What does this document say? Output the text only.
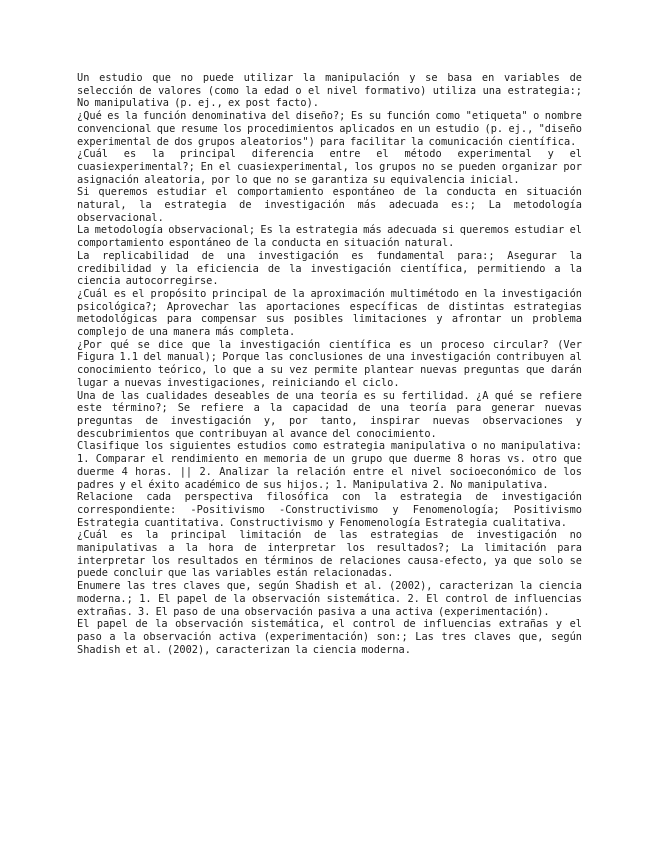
Un estudio que no puede utilizar la manipulación y se basa en variables de selección de valores (como la edad o el nivel formativo) utiliza una estrategia:; No manipulativa (p. ej., ex post facto).

¿Qué es la función denominativa del diseño?; Es su función como "etiqueta" o nombre convencional que resume los procedimientos aplicados en un estudio (p. ej., "diseño experimental de dos grupos aleatorios") para facilitar la comunicación científica.

¿Cuál es la principal diferencia entre el método experimental y el cuasiexperimental?; En el cuasiexperimental, los grupos no se pueden organizar por asignación aleatoria, por lo que no se garantiza su equivalencia inicial.

Si queremos estudiar el comportamiento espontáneo de la conducta en situación natural, la estrategia de investigación más adecuada es:; La metodología observacional.

La metodología observacional; Es la estrategia más adecuada si queremos estudiar el comportamiento espontáneo de la conducta en situación natural.

La replicabilidad de una investigación es fundamental para:; Asegurar la credibilidad y la eficiencia de la investigación científica, permitiendo a la ciencia autocorregirse.

¿Cuál es el propósito principal de la aproximación multimétodo en la investigación psicológica?; Aprovechar las aportaciones específicas de distintas estrategias metodológicas para compensar sus posibles limitaciones y afrontar un problema complejo de una manera más completa.

¿Por qué se dice que la investigación científica es un proceso circular? (Ver Figura 1.1 del manual); Porque las conclusiones de una investigación contribuyen al conocimiento teórico, lo que a su vez permite plantear nuevas preguntas que darán lugar a nuevas investigaciones, reiniciando el ciclo.

Una de las cualidades deseables de una teoría es su fertilidad. ¿A qué se refiere este término?; Se refiere a la capacidad de una teoría para generar nuevas preguntas de investigación y, por tanto, inspirar nuevas observaciones y descubrimientos que contribuyan al avance del conocimiento.

Clasifique los siguientes estudios como estrategia manipulativa o no manipulativa: 1. Comparar el rendimiento en memoria de un grupo que duerme 8 horas vs. otro que duerme 4 horas. || 2. Analizar la relación entre el nivel socioeconómico de los padres y el éxito académico de sus hijos.; 1. Manipulativa 2. No manipulativa.

Relacione cada perspectiva filosófica con la estrategia de investigación correspondiente: -Positivismo -Constructivismo y Fenomenología; Positivismo Estrategia cuantitativa. Constructivismo y Fenomenología Estrategia cualitativa.

¿Cuál es la principal limitación de las estrategias de investigación no manipulativas a la hora de interpretar los resultados?; La limitación para interpretar los resultados en términos de relaciones causa-efecto, ya que solo se puede concluir que las variables están relacionadas.

Enumere las tres claves que, según Shadish et al. (2002), caracterizan la ciencia moderna.; 1. El papel de la observación sistemática. 2. El control de influencias extrañas. 3. El paso de una observación pasiva a una activa (experimentación).

El papel de la observación sistemática, el control de influencias extrañas y el paso a la observación activa (experimentación) son:; Las tres claves que, según Shadish et al. (2002), caracterizan la ciencia moderna.
